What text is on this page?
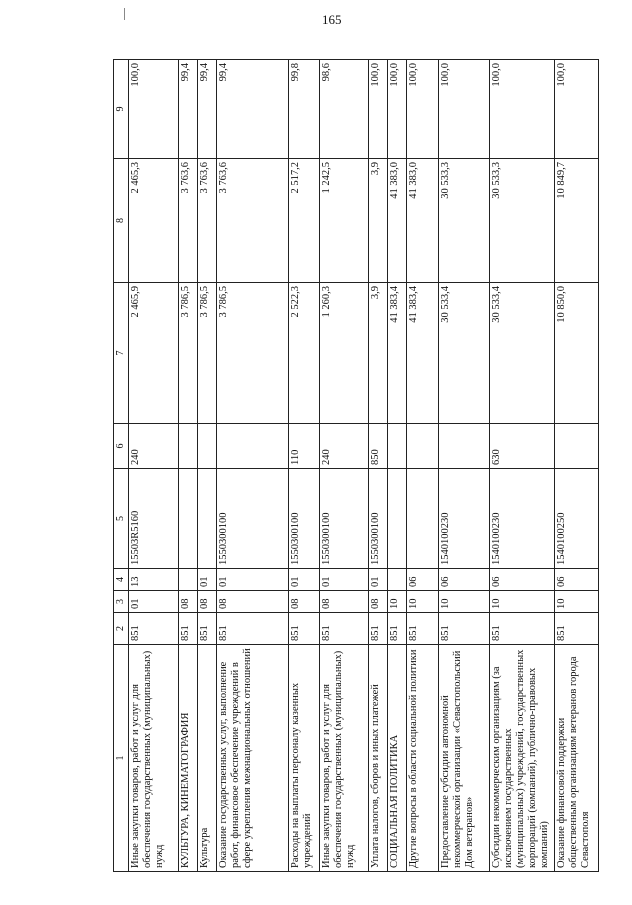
165
1	2	3	4	5	6	7	8	9
Иные закупки товаров, работ и услуг для обеспечения государственных (муниципальных) нужд	851	01	13	15503R5160	240	2 465,9	2 465,3	100,0
КУЛЬТУРА, КИНЕМАТОГРАФИЯ	851	08				3 786,5	3 763,6	99,4
Культура	851	08	01			3 786,5	3 763,6	99,4
Оказание государственных услуг, выполнение работ, финансовое обеспечение учреждений в сфере укрепления межнациональных отношений	851	08	01	1550300100		3 786,5	3 763,6	99,4
Расходы на выплаты персоналу казенных учреждений	851	08	01	1550300100	110	2 522,3	2 517,2	99,8
Иные закупки товаров, работ и услуг для обеспечения государственных (муниципальных) нужд	851	08	01	1550300100	240	1 260,3	1 242,5	98,6
Уплата налогов, сборов и иных платежей	851	08	01	1550300100	850	3,9	3,9	100,0
СОЦИАЛЬНАЯ ПОЛИТИКА	851	10				41 383,4	41 383,0	100,0
Другие вопросы в области социальной политики	851	10	06			41 383,4	41 383,0	100,0
Предоставление субсидии автономной некоммерческой организации «Севастопольский Дом ветеранов»	851	10	06	1540100230		30 533,4	30 533,3	100,0
Субсидии некоммерческим организациям (за исключением государственных (муниципальных) учреждений, государственных корпораций (компаний), публично-правовых компаний)	851	10	06	1540100230	630	30 533,4	30 533,3	100,0
Оказание финансовой поддержки общественным организациям ветеранов города Севастополя	851	10	06	1540100250		10 850,0	10 849,7	100,0
